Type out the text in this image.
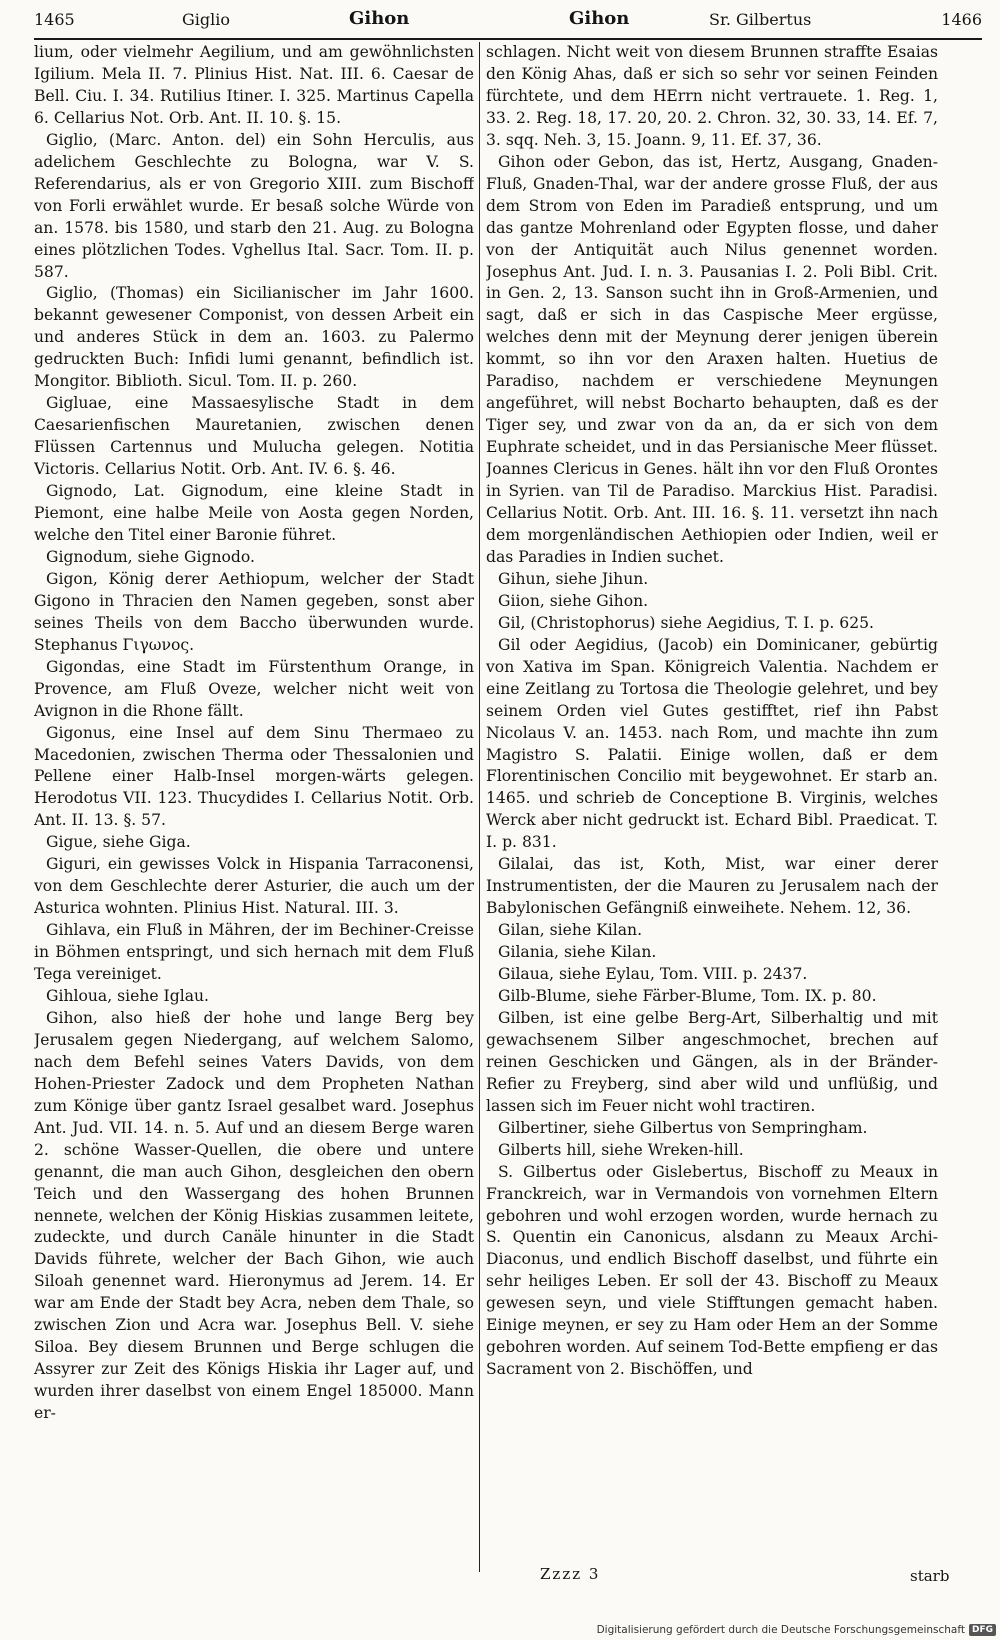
1465	Giglio	Gihon	Gihon	Sr. Gilbertus	1466

lium, oder vielmehr Aegilium, und am gewöhnlichsten Igilium. Mela II. 7. Plinius Hist. Nat. III. 6. Caesar de Bell. Ciu. I. 34. Rutilius Itiner. I. 325. Martinus Capella 6. Cellarius Not. Orb. Ant. II. 10. §. 15.

Giglio, (Marc. Anton. del) ein Sohn Herculis, aus adelichem Geschlechte zu Bologna, war V. S. Referendarius, als er von Gregorio XIII. zum Bischoff von Forli erwählet wurde. Er besaß solche Würde von an. 1578. bis 1580, und starb den 21. Aug. zu Bologna eines plötzlichen Todes. Vghellus Ital. Sacr. Tom. II. p. 587.

Giglio, (Thomas) ein Sicilianischer im Jahr 1600. bekannt gewesener Componist, von dessen Arbeit ein und anderes Stück in dem an. 1603. zu Palermo gedruckten Buch: Infidi lumi genannt, befindlich ist. Mongitor. Biblioth. Sicul. Tom. II. p. 260.

Gigluae, eine Massaesylische Stadt in dem Caesarienfischen Mauretanien, zwischen denen Flüssen Cartennus und Mulucha gelegen. Notitia Victoris. Cellarius Notit. Orb. Ant. IV. 6. §. 46.

Gignodo, Lat. Gignodum, eine kleine Stadt in Piemont, eine halbe Meile von Aosta gegen Norden, welche den Titel einer Baronie führet.

Gignodum, siehe Gignodo.

Gigon, König derer Aethiopum, welcher der Stadt Gigono in Thracien den Namen gegeben, sonst aber seines Theils von dem Baccho überwunden wurde. Stephanus Γιγωνος.

Gigondas, eine Stadt im Fürstenthum Orange, in Provence, am Fluß Oveze, welcher nicht weit von Avignon in die Rhone fällt.

Gigonus, eine Insel auf dem Sinu Thermaeo zu Macedonien, zwischen Therma oder Thessalonien und Pellene einer Halb-Insel morgen-wärts gelegen. Herodotus VII. 123. Thucydides I. Cellarius Notit. Orb. Ant. II. 13. §. 57.

Gigue, siehe Giga.

Giguri, ein gewisses Volck in Hispania Tarraconensi, von dem Geschlechte derer Asturier, die auch um der Asturica wohnten. Plinius Hist. Natural. III. 3.

Gihlava, ein Fluß in Mähren, der im Bechiner-Creisse in Böhmen entspringt, und sich hernach mit dem Fluß Tega vereiniget.

Gihloua, siehe Iglau.

Gihon, also hieß der hohe und lange Berg bey Jerusalem gegen Niedergang, auf welchem Salomo, nach dem Befehl seines Vaters Davids, von dem Hohen-Priester Zadock und dem Propheten Nathan zum Könige über gantz Israel gesalbet ward. Josephus Ant. Jud. VII. 14. n. 5. Auf und an diesem Berge waren 2. schöne Wasser-Quellen, die obere und untere genannt, die man auch Gihon, desgleichen den obern Teich und den Wassergang des hohen Brunnen nennete, welchen der König Hiskias zusammen leitete, zudeckte, und durch Canäle hinunter in die Stadt Davids führete, welcher der Bach Gihon, wie auch Siloah genennet ward. Hieronymus ad Jerem. 14. Er war am Ende der Stadt bey Acra, neben dem Thale, so zwischen Zion und Acra war. Josephus Bell. V. siehe Siloa. Bey diesem Brunnen und Berge schlugen die Assyrer zur Zeit des Königs Hiskia ihr Lager auf, und wurden ihrer daselbst von einem Engel 185000. Mann er-

schlagen. Nicht weit von diesem Brunnen straffte Esaias den König Ahas, daß er sich so sehr vor seinen Feinden fürchtete, und dem HErrn nicht vertrauete. 1. Reg. 1, 33. 2. Reg. 18, 17. 20, 20. 2. Chron. 32, 30. 33, 14. Ef. 7, 3. sqq. Neh. 3, 15. Joann. 9, 11. Ef. 37, 36.

Gihon oder Gebon, das ist, Hertz, Ausgang, Gnaden-Fluß, Gnaden-Thal, war der andere grosse Fluß, der aus dem Strom von Eden im Paradieß entsprung, und um das gantze Mohrenland oder Egypten flosse, und daher von der Antiquität auch Nilus genennet worden. Josephus Ant. Jud. I. n. 3. Pausanias I. 2. Poli Bibl. Crit. in Gen. 2, 13. Sanson sucht ihn in Groß-Armenien, und sagt, daß er sich in das Caspische Meer ergüsse, welches denn mit der Meynung derer jenigen überein kommt, so ihn vor den Araxen halten. Huetius de Paradiso, nachdem er verschiedene Meynungen angeführet, will nebst Bocharto behaupten, daß es der Tiger sey, und zwar von da an, da er sich von dem Euphrate scheidet, und in das Persianische Meer flüsset. Joannes Clericus in Genes. hält ihn vor den Fluß Orontes in Syrien. van Til de Paradiso. Marckius Hist. Paradisi. Cellarius Notit. Orb. Ant. III. 16. §. 11. versetzt ihn nach dem morgenländischen Aethiopien oder Indien, weil er das Paradies in Indien suchet.

Gihun, siehe Jihun.

Giion, siehe Gihon.

Gil, (Christophorus) siehe Aegidius, T. I. p. 625.

Gil oder Aegidius, (Jacob) ein Dominicaner, gebürtig von Xativa im Span. Königreich Valentia. Nachdem er eine Zeitlang zu Tortosa die Theologie gelehret, und bey seinem Orden viel Gutes gestifftet, rief ihn Pabst Nicolaus V. an. 1453. nach Rom, und machte ihn zum Magistro S. Palatii. Einige wollen, daß er dem Florentinischen Concilio mit beygewohnet. Er starb an. 1465. und schrieb de Conceptione B. Virginis, welches Werck aber nicht gedruckt ist. Echard Bibl. Praedicat. T. I. p. 831.

Gilalai, das ist, Koth, Mist, war einer derer Instrumentisten, der die Mauren zu Jerusalem nach der Babylonischen Gefängniß einweihete. Nehem. 12, 36.

Gilan, siehe Kilan.

Gilania, siehe Kilan.

Gilaua, siehe Eylau, Tom. VIII. p. 2437.

Gilb-Blume, siehe Färber-Blume, Tom. IX. p. 80.

Gilben, ist eine gelbe Berg-Art, Silberhaltig und mit gewachsenem Silber angeschmochet, brechen auf reinen Geschicken und Gängen, als in der Bränder-Refier zu Freyberg, sind aber wild und unflüßig, und lassen sich im Feuer nicht wohl tractiren.

Gilbertiner, siehe Gilbertus von Sempringham.

Gilberts hill, siehe Wreken-hill.

S. Gilbertus oder Gislebertus, Bischoff zu Meaux in Franckreich, war in Vermandois von vornehmen Eltern gebohren und wohl erzogen worden, wurde hernach zu S. Quentin ein Canonicus, alsdann zu Meaux Archi-Diaconus, und endlich Bischoff daselbst, und führte ein sehr heiliges Leben. Er soll der 43. Bischoff zu Meaux gewesen seyn, und viele Stifftungen gemacht haben. Einige meynen, er sey zu Ham oder Hem an der Somme gebohren worden. Auf seinem Tod-Bette empfieng er das Sacrament von 2. Bischöffen, und

Zzzz 3	starb
Digitalisierung gefördert durch die Deutsche Forschungsgemeinschaft DFG
